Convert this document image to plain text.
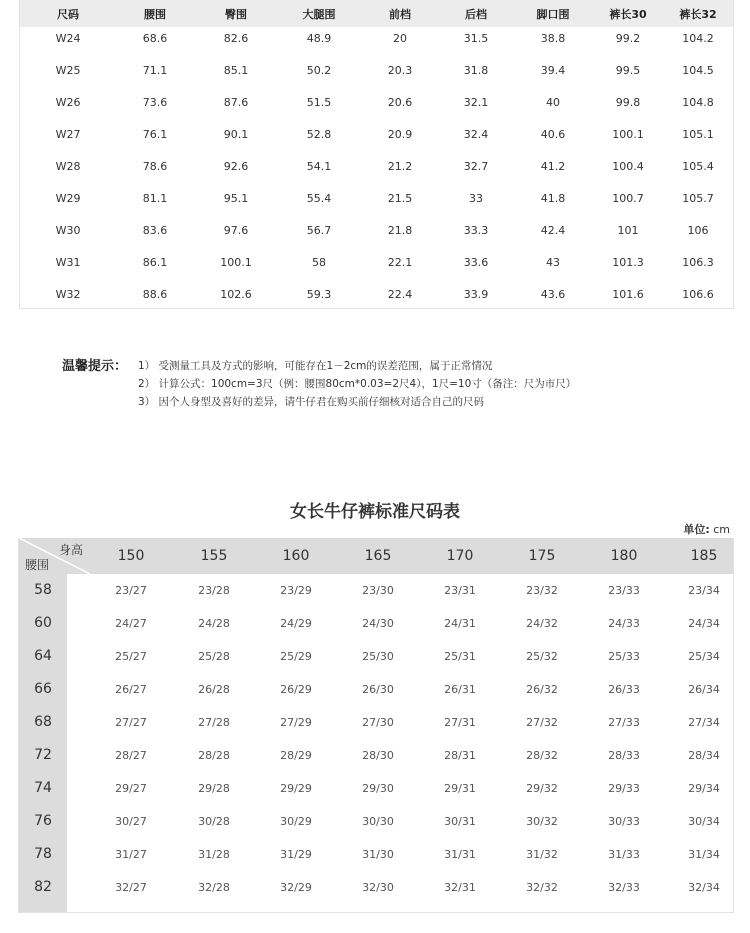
尺码	腰围	臀围	大腿围	前档	后档	脚口围	裤长30	裤长32
W24	68.6	82.6	48.9	20	31.5	38.8	99.2	104.2
W25	71.1	85.1	50.2	20.3	31.8	39.4	99.5	104.5
W26	73.6	87.6	51.5	20.6	32.1	40	99.8	104.8
W27	76.1	90.1	52.8	20.9	32.4	40.6	100.1	105.1
W28	78.6	92.6	54.1	21.2	32.7	41.2	100.4	105.4
W29	81.1	95.1	55.4	21.5	33	41.8	100.7	105.7
W30	83.6	97.6	56.7	21.8	33.3	42.4	101	106
W31	86.1	100.1	58	22.1	33.6	43	101.3	106.3
W32	88.6	102.6	59.3	22.4	33.9	43.6	101.6	106.6
温馨提示：	1） 受测量工具及方式的影响，可能存在1－2cm的误差范围，属于正常情况
2） 计算公式：100cm=3尺（例：腰围80cm*0.03=2尺4），1尺=10寸（备注：尺为市尺）
3） 因个人身型及喜好的差异，请牛仔君在购买前仔细核对适合自己的尺码
女长牛仔裤标准尺码表
单位: cm
身高
腰围
150	155	160	165	170	175	180	185
58	23/27	23/28	23/29	23/30	23/31	23/32	23/33	23/34
60	24/27	24/28	24/29	24/30	24/31	24/32	24/33	24/34
64	25/27	25/28	25/29	25/30	25/31	25/32	25/33	25/34
66	26/27	26/28	26/29	26/30	26/31	26/32	26/33	26/34
68	27/27	27/28	27/29	27/30	27/31	27/32	27/33	27/34
72	28/27	28/28	28/29	28/30	28/31	28/32	28/33	28/34
74	29/27	29/28	29/29	29/30	29/31	29/32	29/33	29/34
76	30/27	30/28	30/29	30/30	30/31	30/32	30/33	30/34
78	31/27	31/28	31/29	31/30	31/31	31/32	31/33	31/34
82	32/27	32/28	32/29	32/30	32/31	32/32	32/33	32/34
